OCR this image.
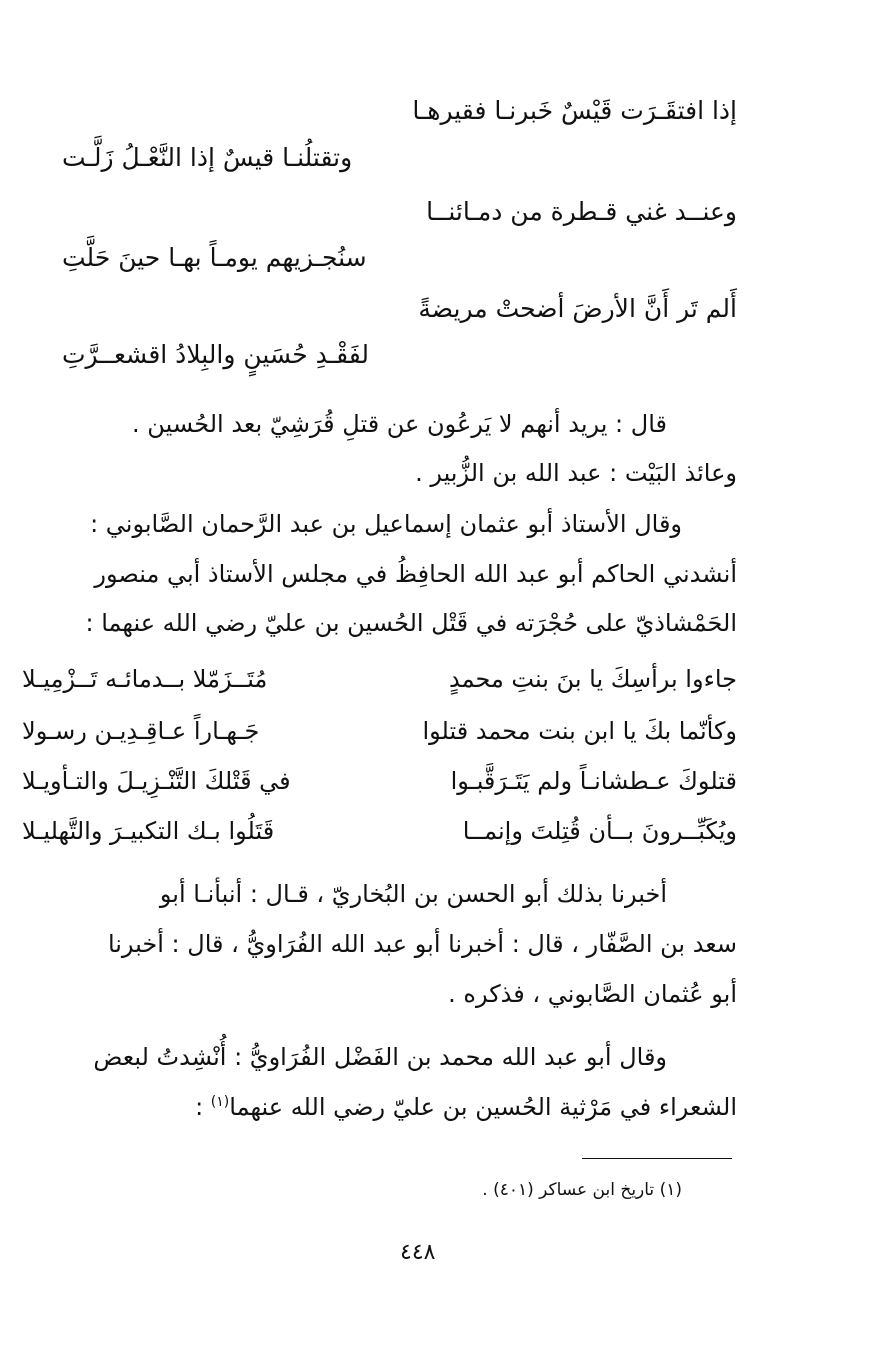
إذا افتقَـرَت قَيْسٌ خَبرنـا فقيرهـا
وتقتلُنـا قيسٌ إذا النَّعْـلُ زَلَّـت
وعنــد غني قـطرة من دمـائنــا
سنُجـزيهم يومـاً بهـا حينَ حَلَّتِ
أَلم تَر أَنَّ الأرضَ أضحتْ مريضةً
لفَقْـدِ حُسَينٍ والبِلادُ اقشعــرَّتِ
قال : يريد أنهم لا يَرعُون عن قتلِ قُرَشِيّ بعد الحُسين .
وعائذ البَيْت : عبد الله بن الزُّبير .
وقال الأستاذ أبو عثمان إسماعيل بن عبد الرَّحمان الصَّابوني :
أنشدني الحاكم أبو عبد الله الحافِظُ في مجلس الأستاذ أبي منصور
الحَمْشاذيّ على حُجْرَته في قَتْل الحُسين بن عليّ رضي الله عنهما :
جاءوا برأسِكَ يا بنَ بنتِ محمدٍ
مُتَــزَمّلا بــدمائـه تَــزْمِيـلا
وكأنّما بكَ يا ابن بنت محمد قتلوا
جَـهـاراً عـاقِـدِيـن رسـولا
قتلوكَ عـطشانـاً ولم يَتَـرَقَّبـوا
في قَتْلكَ التَّنْـزِيـلَ والتـأويـلا
ويُكَبِّــرونَ بــأن قُتِلتَ وإنمــا
قَتَلُوا بـك التكبيـرَ والتَّهليـلا
أخبرنا بذلك أبو الحسن بن البُخاريّ ، قـال : أنبأنـا أبو
سعد بن الصَّفّار ، قال : أخبرنا أبو عبد الله الفُرَاويُّ ، قال : أخبرنا
أبو عُثمان الصَّابوني ، فذكره .
وقال أبو عبد الله محمد بن الفَضْل الفُرَاويُّ : أُنْشِدتُ لبعض
الشعراء في مَرْثية الحُسين بن عليّ رضي الله عنهما$^{(١)}$ :
(١) تاريخ ابن عساكر (٤٠١) .
٤٤٨
